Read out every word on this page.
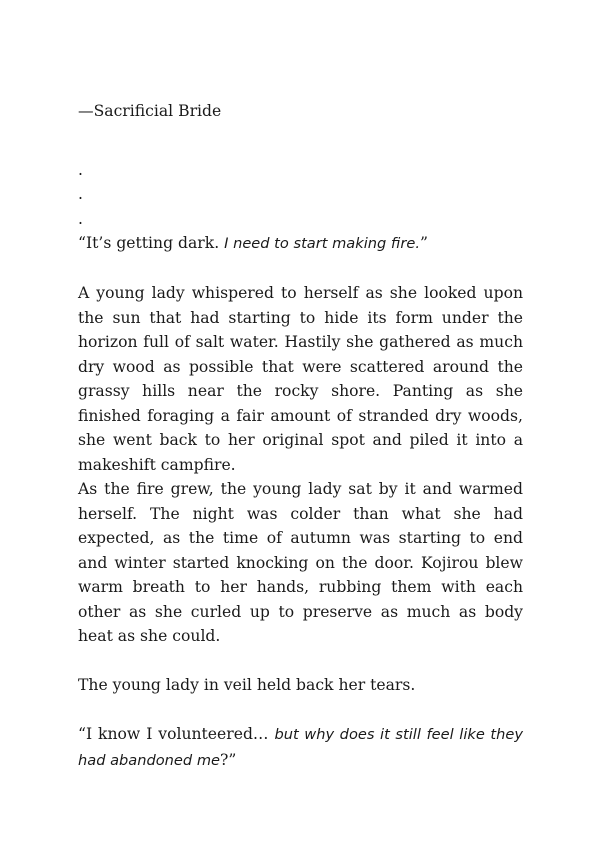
—Sacrificial Bride

.
.
.

“It’s getting dark. I need to start making fire.”

A young lady whispered to herself as she looked upon the sun that had starting to hide its form under the horizon full of salt water. Hastily she gathered as much dry wood as possible that were scattered around the grassy hills near the rocky shore. Panting as she finished foraging a fair amount of stranded dry woods, she went back to her original spot and piled it into a makeshift campfire.

As the fire grew, the young lady sat by it and warmed herself. The night was colder than what she had expected, as the time of autumn was starting to end and winter started knocking on the door. Kojirou blew warm breath to her hands, rubbing them with each other as she curled up to preserve as much as body heat as she could.

The young lady in veil held back her tears.

“I know I volunteered… but why does it still feel like they had abandoned me?”
